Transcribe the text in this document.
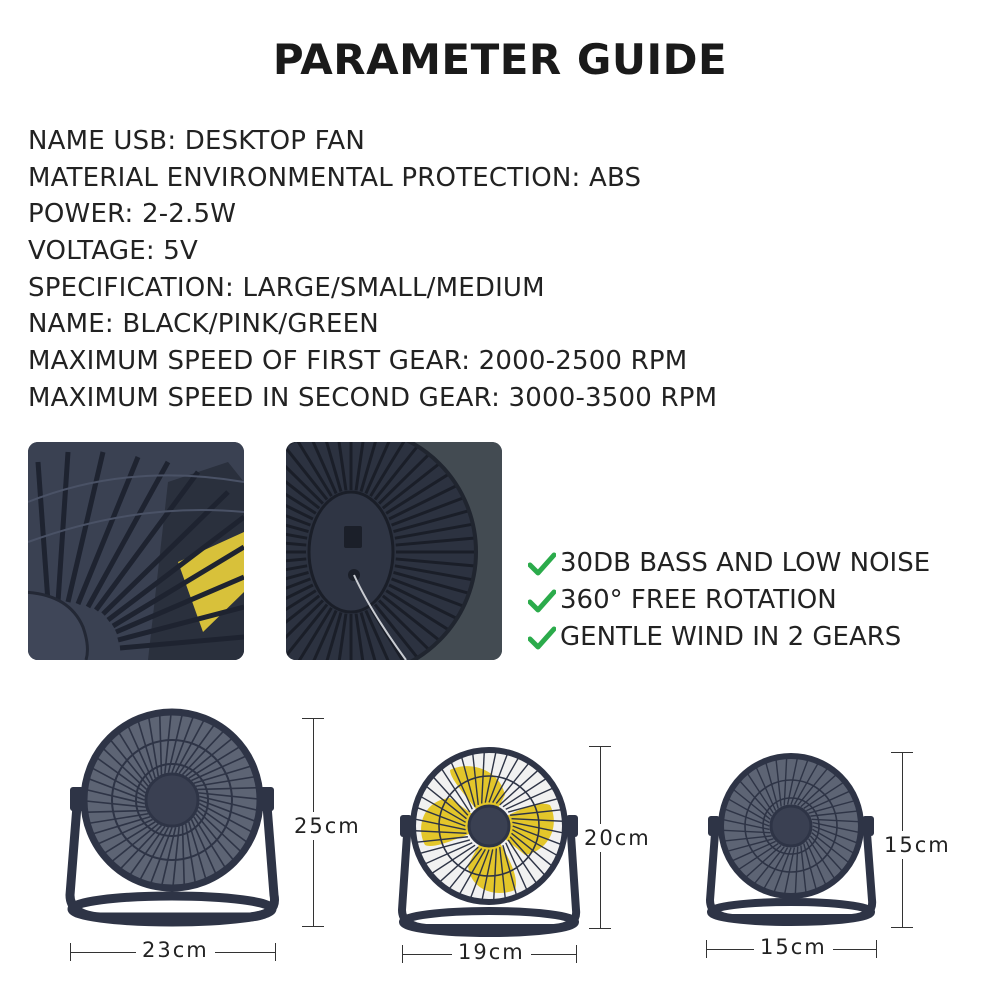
PARAMETER GUIDE
NAME USB: DESKTOP FAN
MATERIAL ENVIRONMENTAL PROTECTION: ABS
POWER: 2-2.5W
VOLTAGE: 5V
SPECIFICATION: LARGE/SMALL/MEDIUM
NAME: BLACK/PINK/GREEN
MAXIMUM SPEED OF FIRST GEAR: 2000-2500 RPM
MAXIMUM SPEED IN SECOND GEAR: 3000-3500 RPM
30DB BASS AND LOW NOISE
360° FREE ROTATION
GENTLE WIND IN 2 GEARS
25cm
23cm
20cm
19cm
15cm
15cm
